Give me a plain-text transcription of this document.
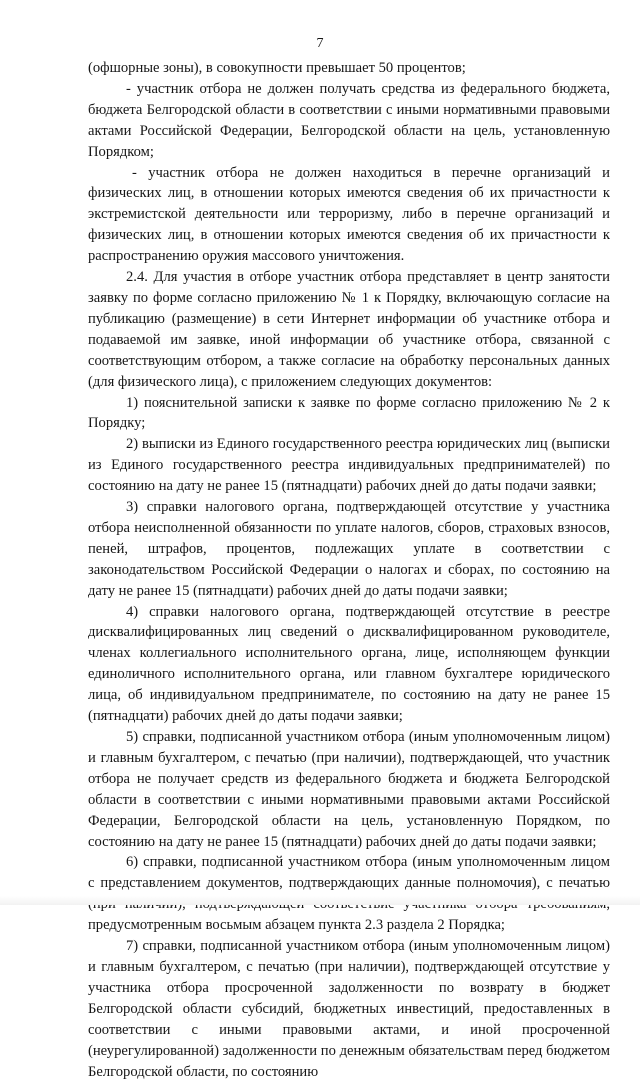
7

(офшорные зоны), в совокупности превышает 50 процентов;

- участник отбора не должен получать средства из федерального бюджета, бюджета Белгородской области в соответствии с иными нормативными правовыми актами Российской Федерации, Белгородской области на цель, установленную Порядком;

- участник отбора не должен находиться в перечне организаций и физических лиц, в отношении которых имеются сведения об их причастности к экстремистской деятельности или терроризму, либо в перечне организаций и физических лиц, в отношении которых имеются сведения об их причастности к распространению оружия массового уничтожения.

2.4. Для участия в отборе участник отбора представляет в центр занятости заявку по форме согласно приложению № 1 к Порядку, включающую согласие на публикацию (размещение) в сети Интернет информации об участнике отбора и подаваемой им заявке, иной информации об участнике отбора, связанной с соответствующим отбором, а также согласие на обработку персональных данных (для физического лица), с приложением следующих документов:

1) пояснительной записки к заявке по форме согласно приложению № 2 к Порядку;

2) выписки из Единого государственного реестра юридических лиц (выписки из Единого государственного реестра индивидуальных предпринимателей) по состоянию на дату не ранее 15 (пятнадцати) рабочих дней до даты подачи заявки;

3) справки налогового органа, подтверждающей отсутствие у участника отбора неисполненной обязанности по уплате налогов, сборов, страховых взносов, пеней, штрафов, процентов, подлежащих уплате в соответствии с законодательством Российской Федерации о налогах и сборах, по состоянию на дату не ранее 15 (пятнадцати) рабочих дней до даты подачи заявки;

4) справки налогового органа, подтверждающей отсутствие в реестре дисквалифицированных лиц сведений о дисквалифицированном руководителе, членах коллегиального исполнительного органа, лице, исполняющем функции единоличного исполнительного органа, или главном бухгалтере юридического лица, об индивидуальном предпринимателе, по состоянию на дату не ранее 15 (пятнадцати) рабочих дней до даты подачи заявки;

5) справки, подписанной участником отбора (иным уполномоченным лицом) и главным бухгалтером, с печатью (при наличии), подтверждающей, что участник отбора не получает средств из федерального бюджета и бюджета Белгородской области в соответствии с иными нормативными правовыми актами Российской Федерации, Белгородской области на цель, установленную Порядком, по состоянию на дату не ранее 15 (пятнадцати) рабочих дней до даты подачи заявки;

6) справки, подписанной участником отбора (иным уполномоченным лицом с представлением документов, подтверждающих данные полномочия), с печатью предусмотренным восьмым абзацем пункта 2.3 раздела 2 Порядка;

7) справки, подписанной участником отбора (иным уполномоченным лицом) и главным бухгалтером, с печатью (при наличии), подтверждающей отсутствие у участника отбора просроченной задолженности по возврату в бюджет Белгородской области субсидий, бюджетных инвестиций, предоставленных в соответствии с иными правовыми актами, и иной просроченной (неурегулированной) задолженности по денежным обязательствам перед бюджетом Белгородской области, по состоянию
